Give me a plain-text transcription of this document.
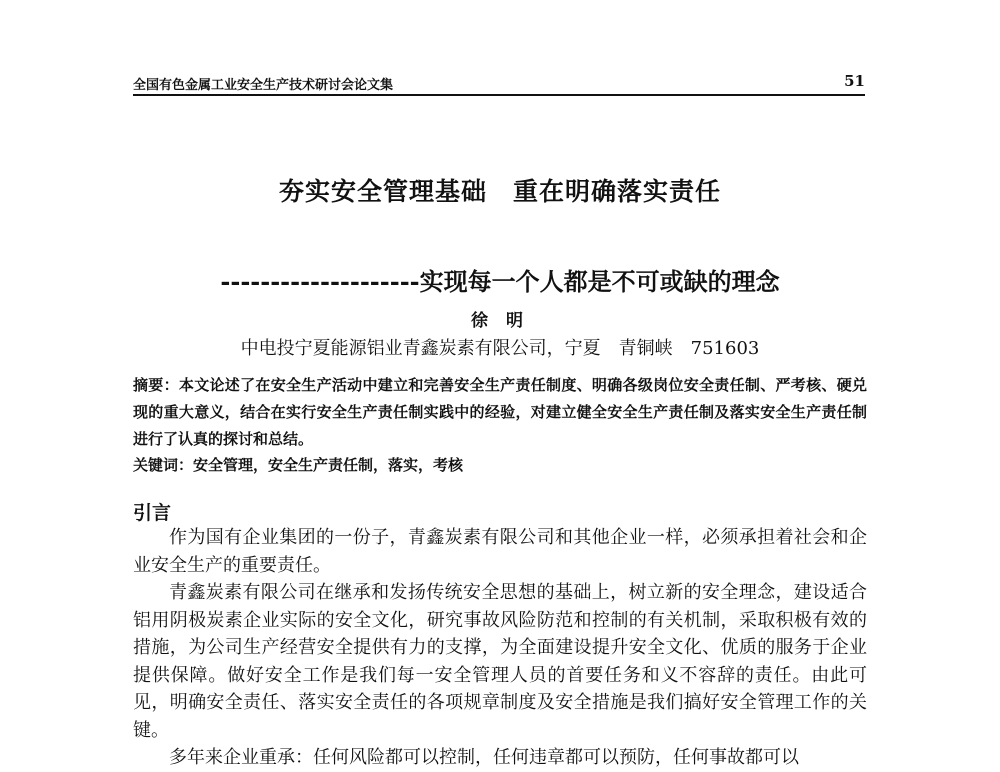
全国有色金属工业安全生产技术研讨会论文集	51
夯实安全管理基础　重在明确落实责任
--------------------实现每一个人都是不可或缺的理念
徐 明
中电投宁夏能源铝业青鑫炭素有限公司，宁夏　青铜峡　751603
摘要：本文论述了在安全生产活动中建立和完善安全生产责任制度、明确各级岗位安全责任制、严考核、硬兑现的重大意义，结合在实行安全生产责任制实践中的经验，对建立健全安全生产责任制及落实安全生产责任制进行了认真的探讨和总结。
关键词：安全管理，安全生产责任制，落实，考核
引言

作为国有企业集团的一份子，青鑫炭素有限公司和其他企业一样，必须承担着社会和企业安全生产的重要责任。

青鑫炭素有限公司在继承和发扬传统安全思想的基础上，树立新的安全理念，建设适合铝用阴极炭素企业实际的安全文化，研究事故风险防范和控制的有关机制，采取积极有效的措施，为公司生产经营安全提供有力的支撑，为全面建设提升安全文化、优质的服务于企业提供保障。做好安全工作是我们每一安全管理人员的首要任务和义不容辞的责任。由此可见，明确安全责任、落实安全责任的各项规章制度及安全措施是我们搞好安全管理工作的关键。

多年来企业重承：任何风险都可以控制，任何违章都可以预防，任何事故都可以
